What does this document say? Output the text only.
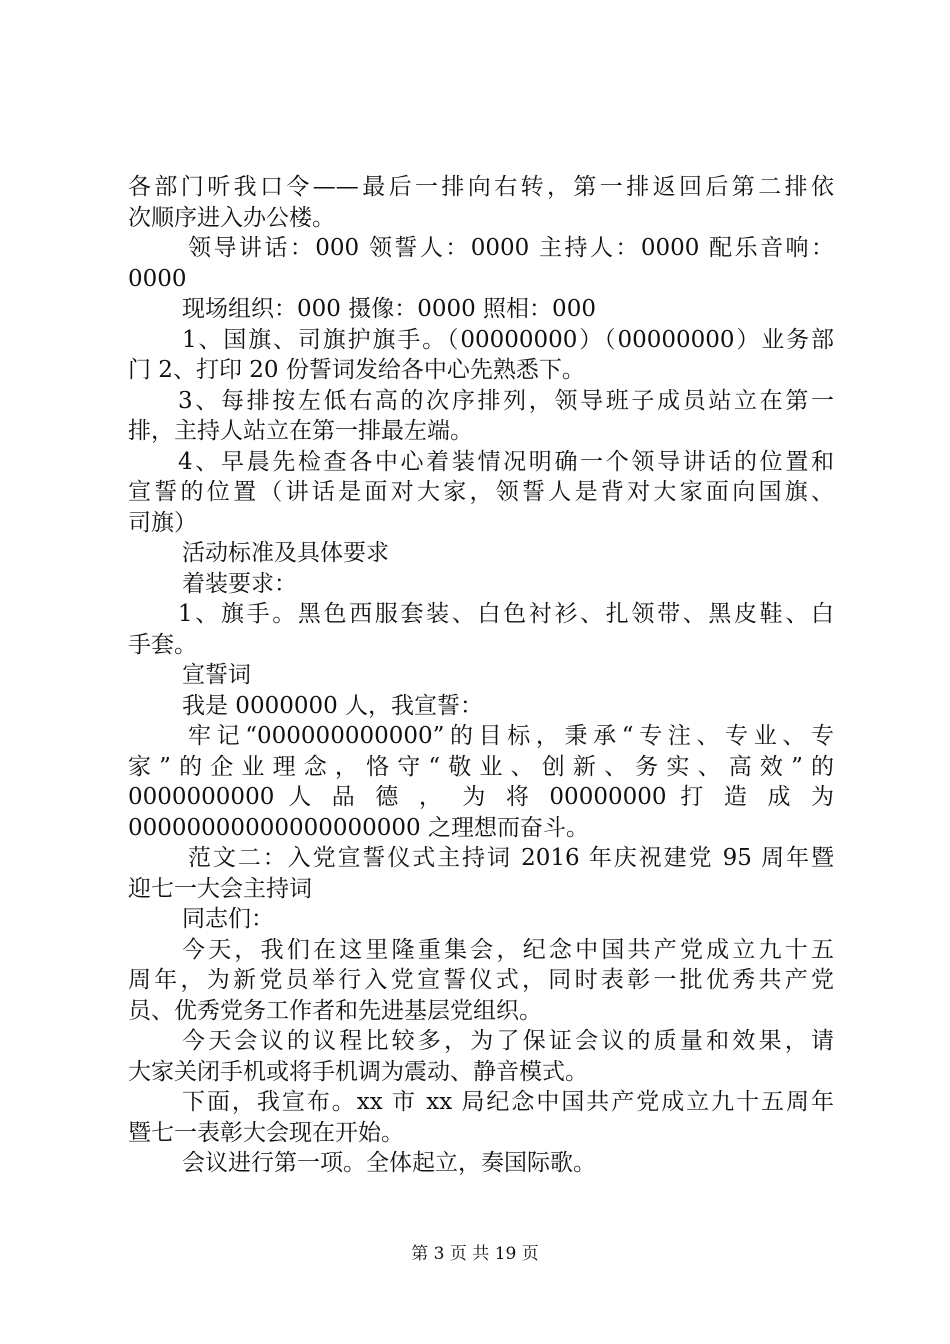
各部门听我口令——最后一排向右转，第一排返回后第二排依
次顺序进入办公楼。
领导讲话：000 领誓人：0000 主持人：0000 配乐音响：
0000
现场组织：000 摄像：0000 照相：000
1、国旗、司旗护旗手。（00000000）（00000000）业务部
门 2、打印 20 份誓词发给各中心先熟悉下。
3、每排按左低右高的次序排列，领导班子成员站立在第一
排，主持人站立在第一排最左端。
4、早晨先检查各中心着装情况明确一个领导讲话的位置和
宣誓的位置（讲话是面对大家，领誓人是背对大家面向国旗、
司旗）
活动标准及具体要求
着装要求：
1、旗手。黑色西服套装、白色衬衫、扎领带、黑皮鞋、白
手套。
宣誓词
我是 0000000 人，我宣誓：
牢记“000000000000”的目标，秉承“专注、专业、专
家”的企业理念，恪守“敬业、创新、务实、高效”的
0000000000 人 品 德 ， 为 将 00000000 打 造 成 为
00000000000000000000 之理想而奋斗。
范文二：入党宣誓仪式主持词 2016 年庆祝建党 95 周年暨
迎七一大会主持词
同志们：
今天，我们在这里隆重集会，纪念中国共产党成立九十五
周年，为新党员举行入党宣誓仪式，同时表彰一批优秀共产党
员、优秀党务工作者和先进基层党组织。
今天会议的议程比较多，为了保证会议的质量和效果，请
大家关闭手机或将手机调为震动、静音模式。
下面，我宣布。xx 市 xx 局纪念中国共产党成立九十五周年
暨七一表彰大会现在开始。
会议进行第一项。全体起立，奏国际歌。
第 3 页 共 19 页
